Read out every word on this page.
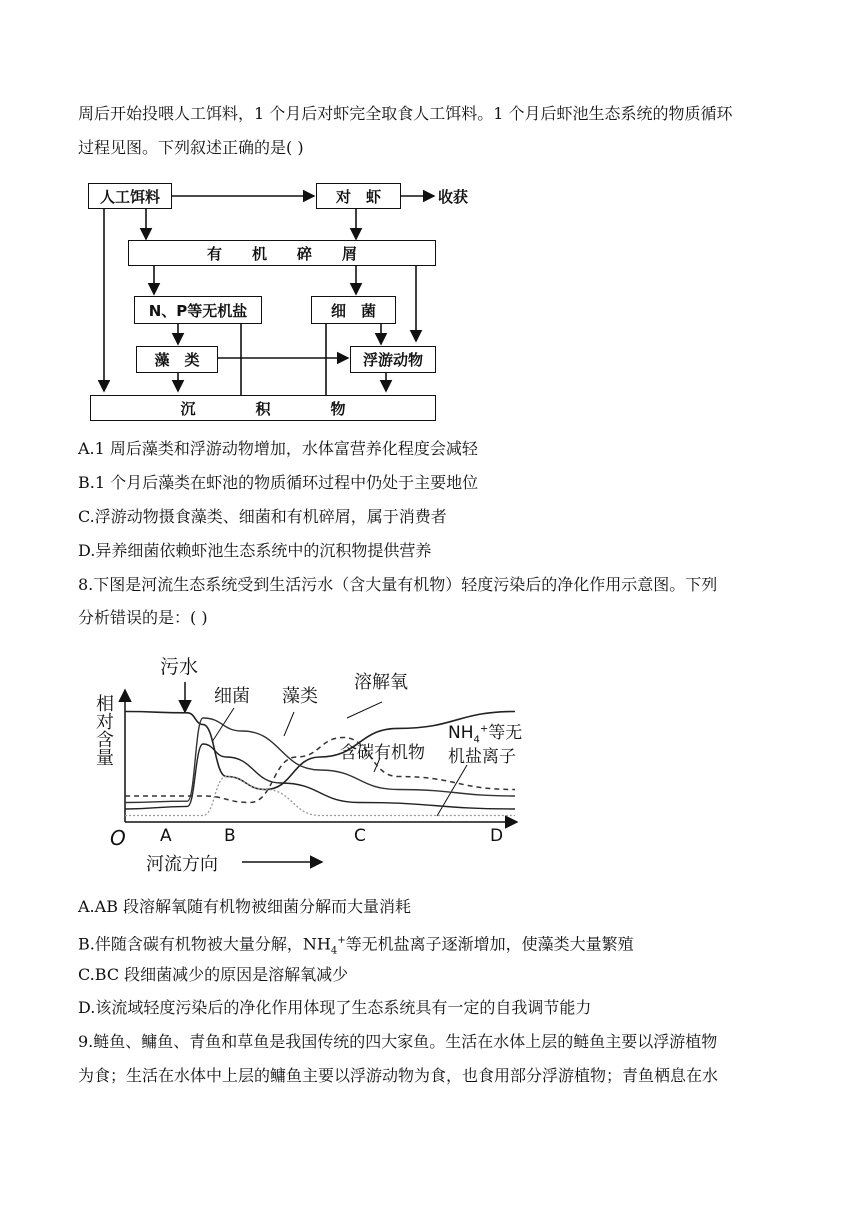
周后开始投喂人工饵料，1 个月后对虾完全取食人工饵料。1 个月后虾池生态系统的物质循环
过程见图。下列叙述正确的是( )
人工饵料	对　虾	收获
有　　机　　碎　　屑
N、P等无机盐	细　菌
藻　类	浮游动物
沉　　　　积　　　　物
A.1 周后藻类和浮游动物增加，水体富营养化程度会减轻
B.1 个月后藻类在虾池的物质循环过程中仍处于主要地位
C.浮游动物摄食藻类、细菌和有机碎屑，属于消费者
D.异养细菌依赖虾池生态系统中的沉积物提供营养
8.下图是河流生态系统受到生活污水（含大量有机物）轻度污染后的净化作用示意图。下列
分析错误的是：( )
污水
细菌 藻类
溶解氧
含碳有机物
$NH_4^+$等无
机盐离子
相对含量
O A	B	C	D
河流方向
A.AB 段溶解氧随有机物被细菌分解而大量消耗
B.伴随含碳有机物被大量分解，$NH_4^+$等无机盐离子逐渐增加，使藻类大量繁殖
C.BC 段细菌减少的原因是溶解氧减少
D.该流域轻度污染后的净化作用体现了生态系统具有一定的自我调节能力
9.鲢鱼、鳙鱼、青鱼和草鱼是我国传统的四大家鱼。生活在水体上层的鲢鱼主要以浮游植物
为食；生活在水体中上层的鳙鱼主要以浮游动物为食，也食用部分浮游植物；青鱼栖息在水
